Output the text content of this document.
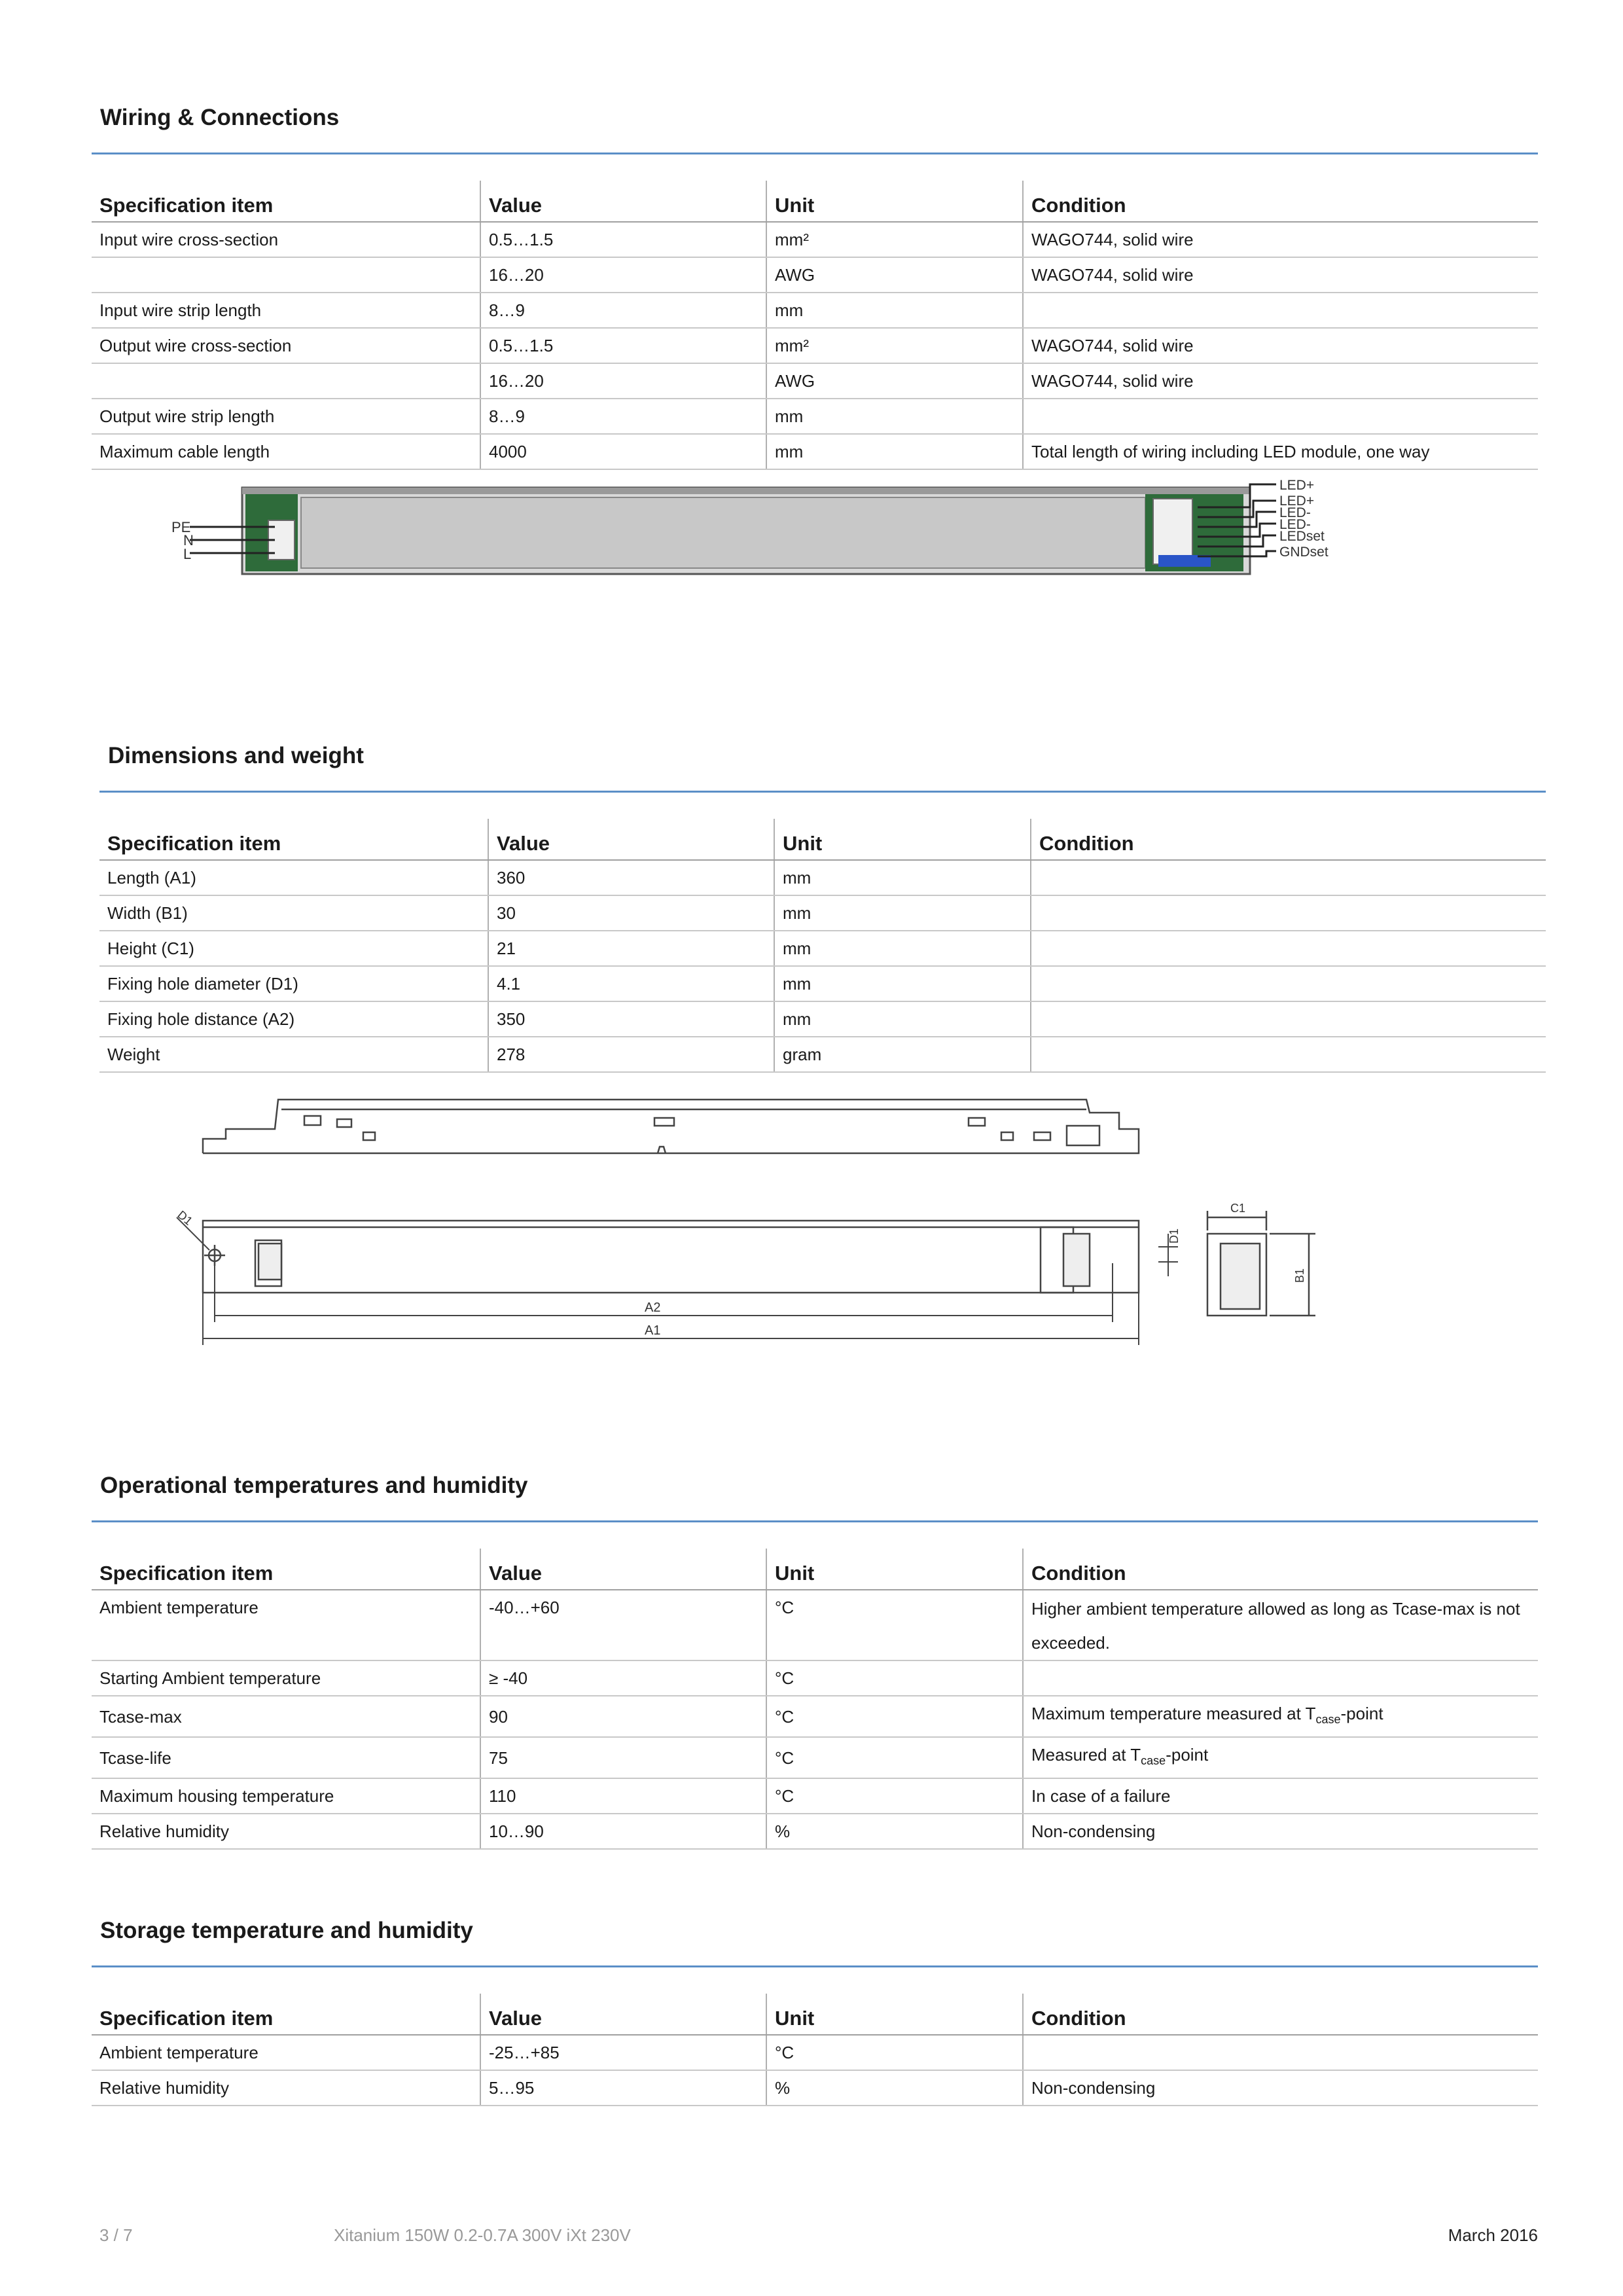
Wiring & Connections
Specification item	Value	Unit	Condition
Input wire cross-section	0.5…1.5	mm²	WAGO744, solid wire
	16…20	AWG	WAGO744, solid wire
Input wire strip length	8…9	mm	
Output wire cross-section	0.5…1.5	mm²	WAGO744, solid wire
	16…20	AWG	WAGO744, solid wire
Output wire strip length	8…9	mm	
Maximum cable length	4000	mm	Total length of wiring including LED module, one way
PE
N
L
LED+
LED+
LED-
LED-
LEDset
GNDset
Dimensions and weight
Specification item	Value	Unit	Condition
Length (A1)	360	mm	
Width (B1)	30	mm	
Height (C1)	21	mm	
Fixing hole diameter (D1)	4.1	mm	
Fixing hole distance (A2)	350	mm	
Weight	278	gram	
A2
A1
D1
D1
C1
B1
Operational temperatures and humidity
Specification item	Value	Unit	Condition
Ambient temperature	-40…+60	°C	Higher ambient temperature allowed as long as Tcase-max is not exceeded.
Starting Ambient temperature	≥ -40	°C	
Tcase-max	90	°C	Maximum temperature measured at $T_{case}$-point
Tcase-life	75	°C	Measured at $T_{case}$-point
Maximum housing temperature	110	°C	In case of a failure
Relative humidity	10…90	%	Non-condensing
Storage temperature and humidity
Specification item	Value	Unit	Condition
Ambient temperature	-25…+85	°C	
Relative humidity	5…95	%	Non-condensing
3 / 7	Xitanium 150W 0.2-0.7A 300V iXt 230V	March 2016
